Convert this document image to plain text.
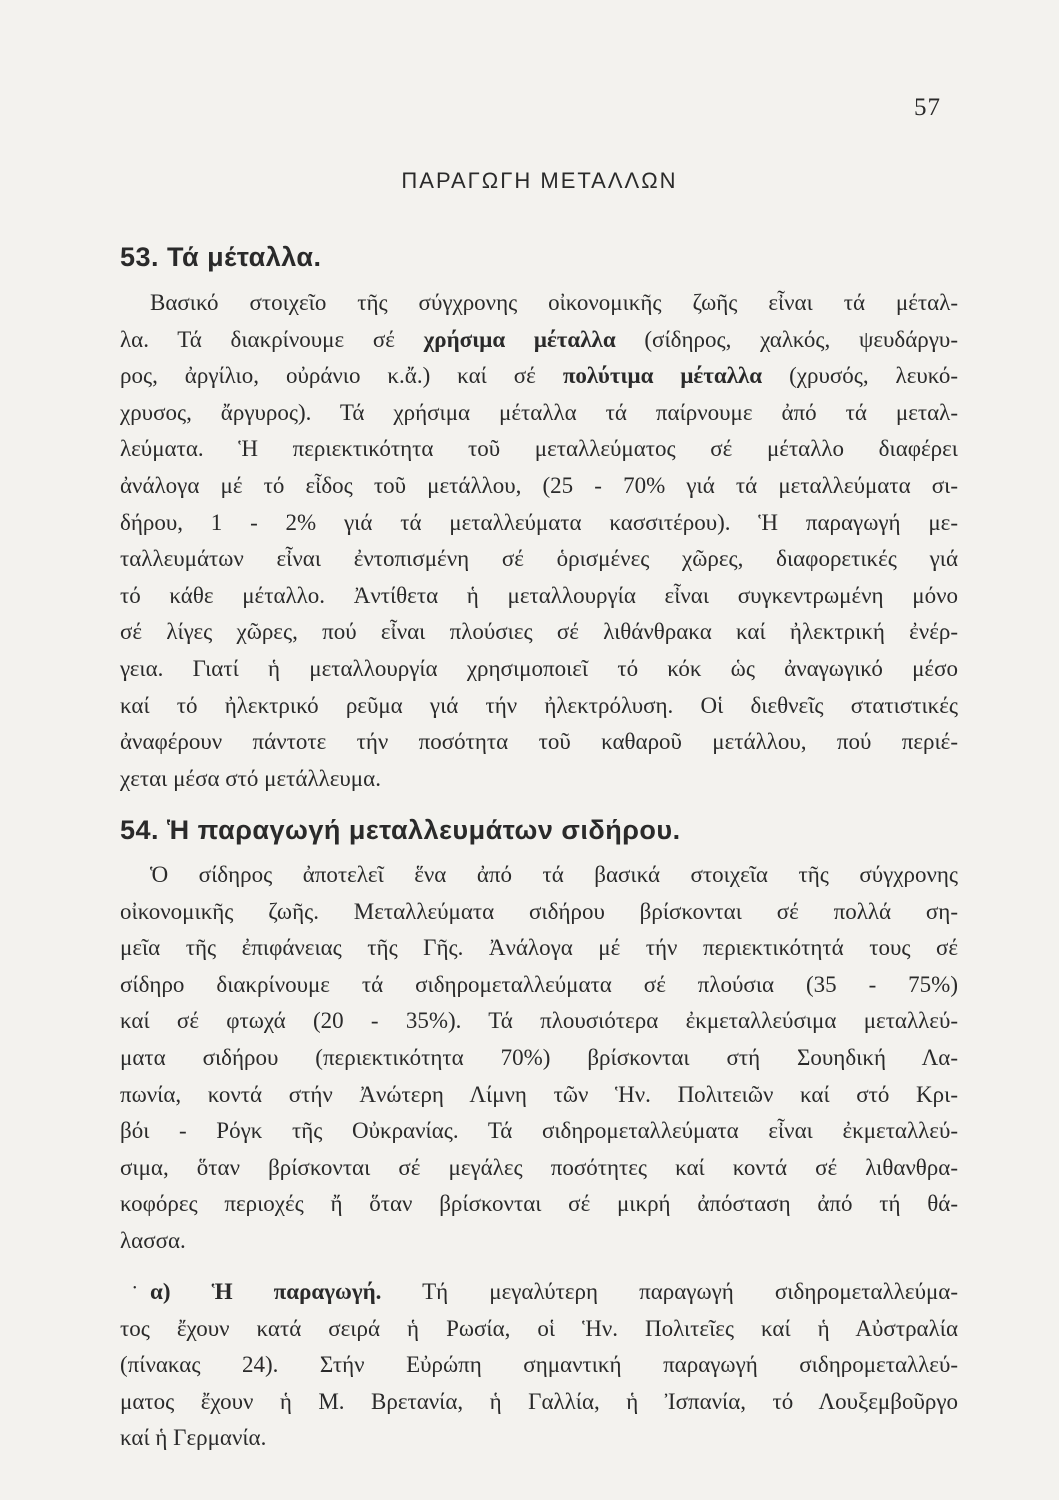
57
ΠΑΡΑΓΩΓΗ ΜΕΤΑΛΛΩΝ
53. Τά μέταλλα.
Βασικό στοιχεῖο τῆς σύγχρονης οἰκονομικῆς ζωῆς εἶναι τά μέταλ-
λα. Τά διακρίνουμε σέ χρήσιμα μέταλλα (σίδηρος, χαλκός, ψευδάργυ-
ρος, ἀργίλιο, οὐράνιο κ.ἄ.) καί σέ πολύτιμα μέταλλα (χρυσός, λευκό-
χρυσος, ἄργυρος). Τά χρήσιμα μέταλλα τά παίρνουμε ἀπό τά μεταλ-
λεύματα. Ἡ περιεκτικότητα τοῦ μεταλλεύματος σέ μέταλλο διαφέρει
ἀνάλογα μέ τό εἶδος τοῦ μετάλλου, (25 - 70% γιά τά μεταλλεύματα σι-
δήρου, 1 - 2% γιά τά μεταλλεύματα κασσιτέρου). Ἡ παραγωγή με-
ταλλευμάτων εἶναι ἐντοπισμένη σέ ὁρισμένες χῶρες, διαφορετικές γιά
τό κάθε μέταλλο. Ἀντίθετα ἡ μεταλλουργία εἶναι συγκεντρωμένη μόνο
σέ λίγες χῶρες, πού εἶναι πλούσιες σέ λιθάνθρακα καί ἠλεκτρική ἐνέρ-
γεια. Γιατί ἡ μεταλλουργία χρησιμοποιεῖ τό κόκ ὡς ἀναγωγικό μέσο
καί τό ἠλεκτρικό ρεῦμα γιά τήν ἠλεκτρόλυση. Οἱ διεθνεῖς στατιστικές
ἀναφέρουν πάντοτε τήν ποσότητα τοῦ καθαροῦ μετάλλου, πού περιέ-
χεται μέσα στό μετάλλευμα.
54. Ἡ παραγωγή μεταλλευμάτων σιδήρου.
Ὁ σίδηρος ἀποτελεῖ ἕνα ἀπό τά βασικά στοιχεῖα τῆς σύγχρονης
οἰκονομικῆς ζωῆς. Μεταλλεύματα σιδήρου βρίσκονται σέ πολλά ση-
μεῖα τῆς ἐπιφάνειας τῆς Γῆς. Ἀνάλογα μέ τήν περιεκτικότητά τους σέ
σίδηρο διακρίνουμε τά σιδηρομεταλλεύματα σέ πλούσια (35 - 75%)
καί σέ φτωχά (20 - 35%). Τά πλουσιότερα ἐκμεταλλεύσιμα μεταλλεύ-
ματα σιδήρου (περιεκτικότητα 70%) βρίσκονται στή Σουηδική Λα-
πωνία, κοντά στήν Ἀνώτερη Λίμνη τῶν Ἡν. Πολιτειῶν καί στό Κρι-
βόι - Ρόγκ τῆς Οὐκρανίας. Τά σιδηρομεταλλεύματα εἶναι ἐκμεταλλεύ-
σιμα, ὅταν βρίσκονται σέ μεγάλες ποσότητες καί κοντά σέ λιθανθρα-
κοφόρες περιοχές ἤ ὅταν βρίσκονται σέ μικρή ἀπόσταση ἀπό τή θά-
λασσα.
• α) Ἡ παραγωγή. Τή μεγαλύτερη παραγωγή σιδηρομεταλλεύμα-
τος ἔχουν κατά σειρά ἡ Ρωσία, οἱ Ἡν. Πολιτεῖες καί ἡ Αὐστραλία
(πίνακας 24). Στήν Εὐρώπη σημαντική παραγωγή σιδηρομεταλλεύ-
ματος ἔχουν ἡ Μ. Βρετανία, ἡ Γαλλία, ἡ Ἰσπανία, τό Λουξεμβοῦργο
καί ἡ Γερμανία.
